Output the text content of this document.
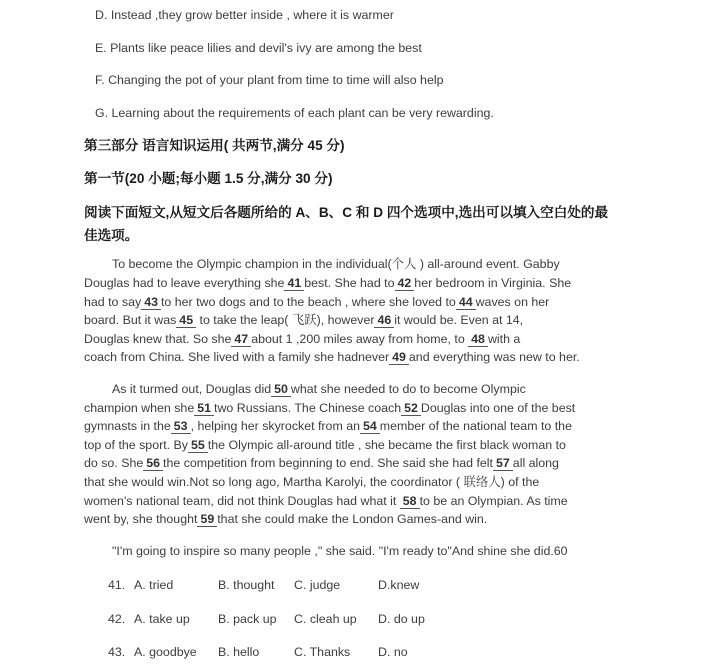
D. Instead ,they grow better inside , where it is warmer
E. Plants like peace lilies and devil's ivy are among the best
F. Changing the pot of your plant from time to time will also help
G. Learning about the requirements of each plant can be very rewarding.
第三部分 语言知识运用( 共两节,满分 45 分)
第一节(20 小题;每小题 1.5 分,满分 30 分)
阅读下面短文,从短文后各题所给的 A、B、C 和 D 四个选项中,选出可以填入空白处的最
佳选项。
To become the Olympic champion in the individual(个人 ) all-around event. Gabby
Douglas had to leave everything she 41 best. She had to 42 her bedroom in Virginia. She
had to say 43 to her two dogs and to the beach , where she loved to 44 waves on her
board. But it was 45 to take the leap( 飞跃), however 46 it would be. Even at 14,
Douglas knew that. So she 47 about 1 ,200 miles away from home, to 48 with a
coach from China. She lived with a family she hadnever 49 and everything was new to her.
As it turmed out, Douglas did 50 what she needed to do to become Olympic
champion when she 51 two Russians. The Chinese coach 52 Douglas into one of the best
gymnasts in the 53 , helping her skyrocket from an 54 member of the national team to the
top of the sport. By 55 the Olympic all-around title , she became the first black woman to
do so. She 56 the competition from beginning to end. She said she had felt 57 all along
that she would win.Not so long ago, Martha Karolyi, the coordinator ( 联络人) of the
women's national team, did not think Douglas had what it 58 to be an Olympian. As time
went by, she thought 59 that she could make the London Games-and win.
"I'm going to inspire so many people ," she said. "I'm ready to"And shine she did.60
41. A. tried	B. thought	C. judge	D.knew
42. A. take up	B. pack up	C. cleah up	D. do up
43. A. goodbye	B. hello	C. Thanks	D. no
